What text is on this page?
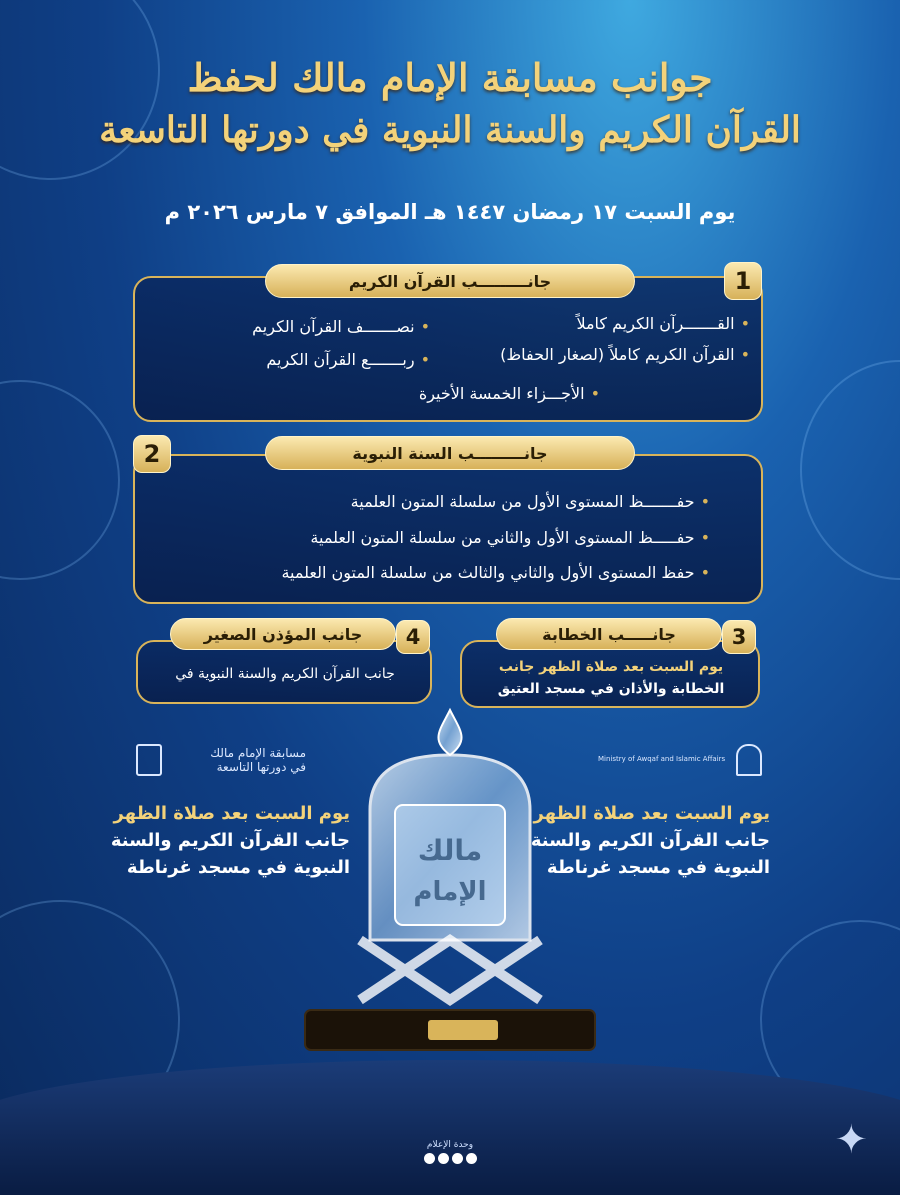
جوانب مسابقة الإمام مالك لحفظ
القرآن الكريم والسنة النبوية في دورتها التاسعة
يوم السبت ١٧ رمضان ١٤٤٧ هـ الموافق ٧ مارس ٢٠٢٦ م
جانـــــــــب القرآن الكريم	1
•القـــــــرآن الكريم كاملاً
•نصـــــــف القرآن الكريم
•القرآن الكريم كاملاً (لصغار الحفاظ)
•ربـــــــع القرآن الكريم
•الأجـــزاء الخمسة الأخيرة
جانـــــــــب السنة النبوية
2
•حفـــــــظ المستوى الأول من سلسلة المتون العلمية
•حفـــــظ المستوى الأول والثاني من سلسلة المتون العلمية
•حفظ المستوى الأول والثاني والثالث من سلسلة المتون العلمية
جانـــــب الخطابة	3
يوم السبت بعد صلاة الظهر جانب
الخطابة والأذان في مسجد العتيق
جانب المؤذن الصغير	4
جانب القرآن الكريم والسنة النبوية في
مسابقة الإمام مالك
في دورتها التاسعة
Ministry of Awqaf and Islamic Affairs
يوم السبت بعد صلاة الظهر
جانب القرآن الكريم والسنة
النبوية في مسجد غرناطة
يوم السبت بعد صلاة الظهر
جانب القرآن الكريم والسنة
النبوية في مسجد غرناطة
مالك
الإمام
وحدة الإعلام	✦
